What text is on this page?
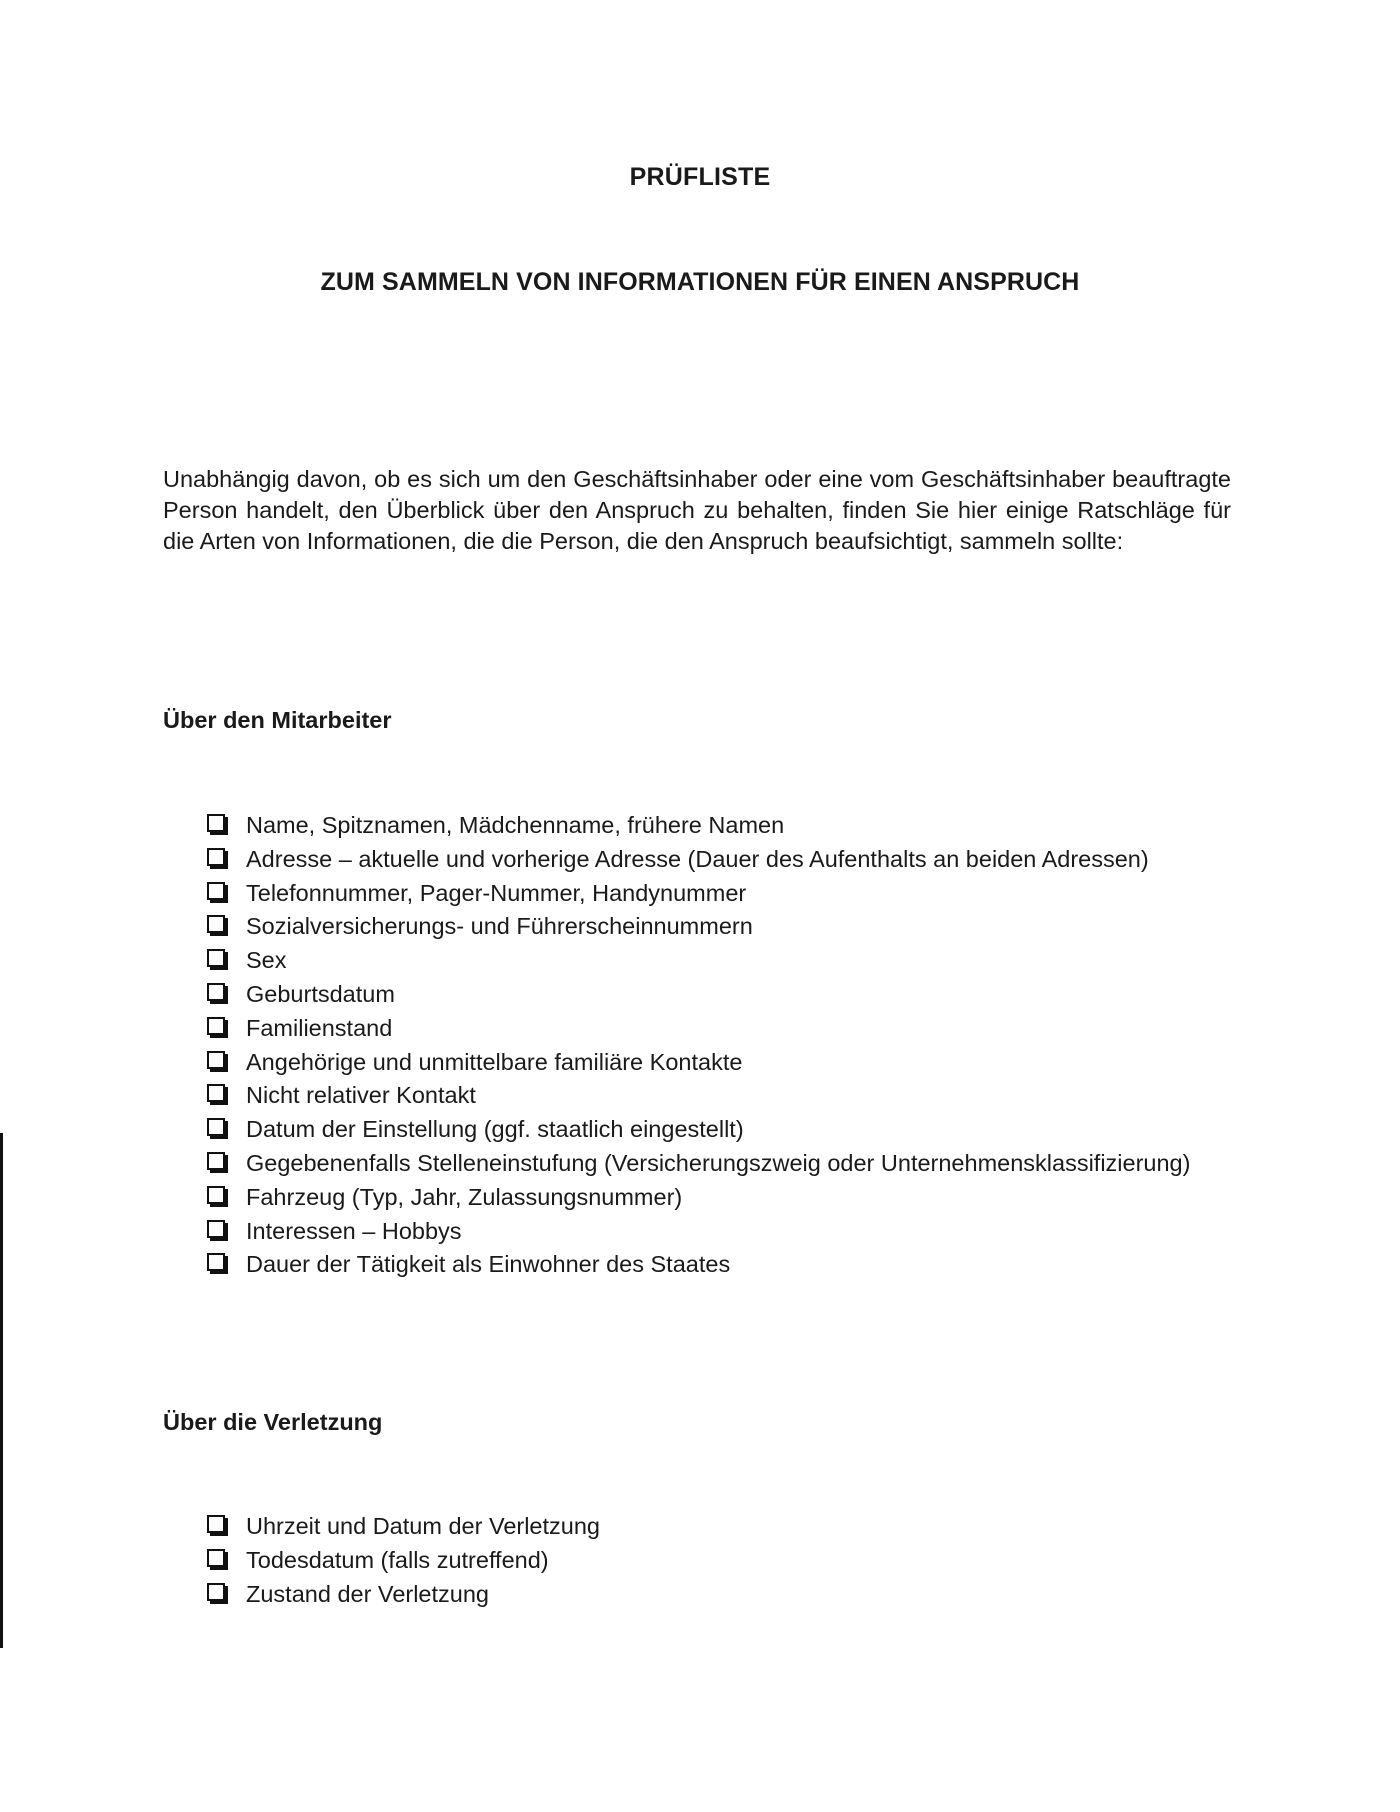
PRÜFLISTE
ZUM SAMMELN VON INFORMATIONEN FÜR EINEN ANSPRUCH

Unabhängig davon, ob es sich um den Geschäftsinhaber oder eine vom Geschäftsinhaber beauftragte Person handelt, den Überblick über den Anspruch zu behalten, finden Sie hier einige Ratschläge für die Arten von Informationen, die die Person, die den Anspruch beaufsichtigt, sammeln sollte:

Über den Mitarbeiter
Name, Spitznamen, Mädchenname, frühere Namen
Adresse – aktuelle und vorherige Adresse (Dauer des Aufenthalts an beiden Adressen)
Telefonnummer, Pager-Nummer, Handynummer
Sozialversicherungs- und Führerscheinnummern
Sex
Geburtsdatum
Familienstand
Angehörige und unmittelbare familiäre Kontakte
Nicht relativer Kontakt
Datum der Einstellung (ggf. staatlich eingestellt)
Gegebenenfalls Stelleneinstufung (Versicherungszweig oder Unternehmensklassifizierung)
Fahrzeug (Typ, Jahr, Zulassungsnummer)
Interessen – Hobbys
Dauer der Tätigkeit als Einwohner des Staates
Über die Verletzung
Uhrzeit und Datum der Verletzung
Todesdatum (falls zutreffend)
Zustand der Verletzung
